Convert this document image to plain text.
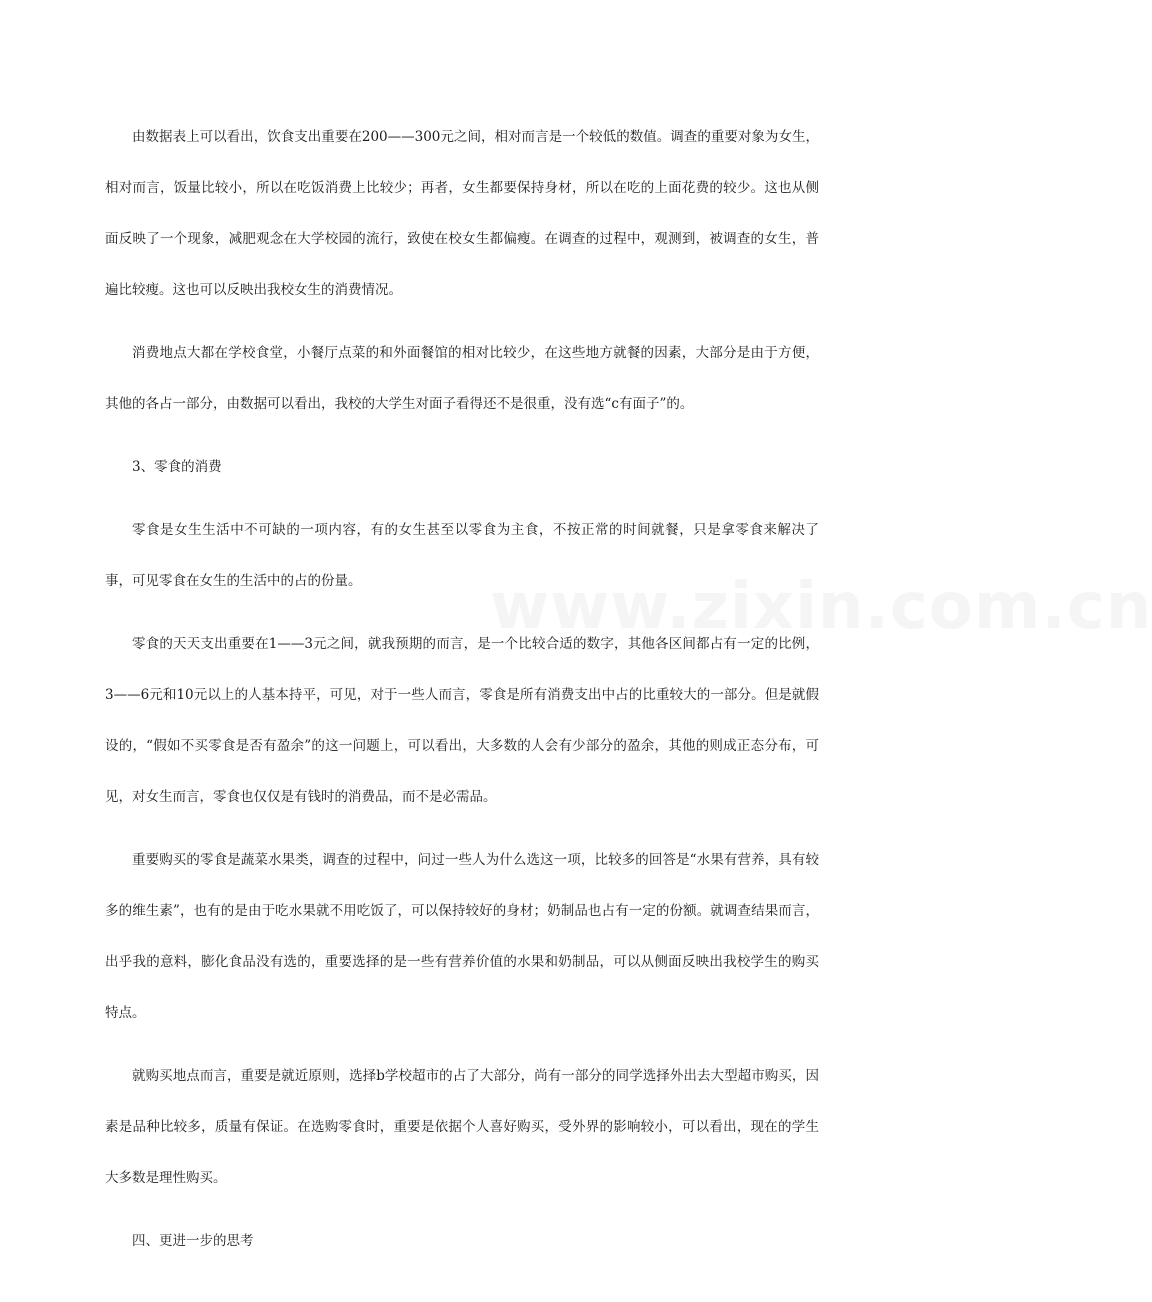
由数据表上可以看出，饮食支出重要在200——300元之间，相对而言是一个较低的数值。调查的重要对象为女生，相对而言，饭量比较小，所以在吃饭消费上比较少；再者，女生都要保持身材，所以在吃的上面花费的较少。这也从侧面反映了一个现象，减肥观念在大学校园的流行，致使在校女生都偏瘦。在调查的过程中，观测到，被调查的女生，普遍比较瘦。这也可以反映出我校女生的消费情况。

消费地点大都在学校食堂，小餐厅点菜的和外面餐馆的相对比较少，在这些地方就餐的因素，大部分是由于方便，其他的各占一部分，由数据可以看出，我校的大学生对面子看得还不是很重，没有选“c有面子”的。

3、零食的消费

零食是女生生活中不可缺的一项内容，有的女生甚至以零食为主食，不按正常的时间就餐，只是拿零食来解决了事，可见零食在女生的生活中的占的份量。

零食的天天支出重要在1——3元之间，就我预期的而言，是一个比较合适的数字，其他各区间都占有一定的比例，3——6元和10元以上的人基本持平，可见，对于一些人而言，零食是所有消费支出中占的比重较大的一部分。但是就假设的，“假如不买零食是否有盈余”的这一问题上，可以看出，大多数的人会有少部分的盈余，其他的则成正态分布，可见，对女生而言，零食也仅仅是有钱时的消费品，而不是必需品。

重要购买的零食是蔬菜水果类，调查的过程中，问过一些人为什么选这一项，比较多的回答是“水果有营养，具有较多的维生素”，也有的是由于吃水果就不用吃饭了，可以保持较好的身材；奶制品也占有一定的份额。就调查结果而言，出乎我的意料，膨化食品没有选的，重要选择的是一些有营养价值的水果和奶制品，可以从侧面反映出我校学生的购买特点。

就购买地点而言，重要是就近原则，选择b学校超市的占了大部分，尚有一部分的同学选择外出去大型超市购买，因素是品种比较多，质量有保证。在选购零食时，重要是依据个人喜好购买，受外界的影响较小，可以看出，现在的学生大多数是理性购买。

四、更进一步的思考

www.zixin.com.cn
